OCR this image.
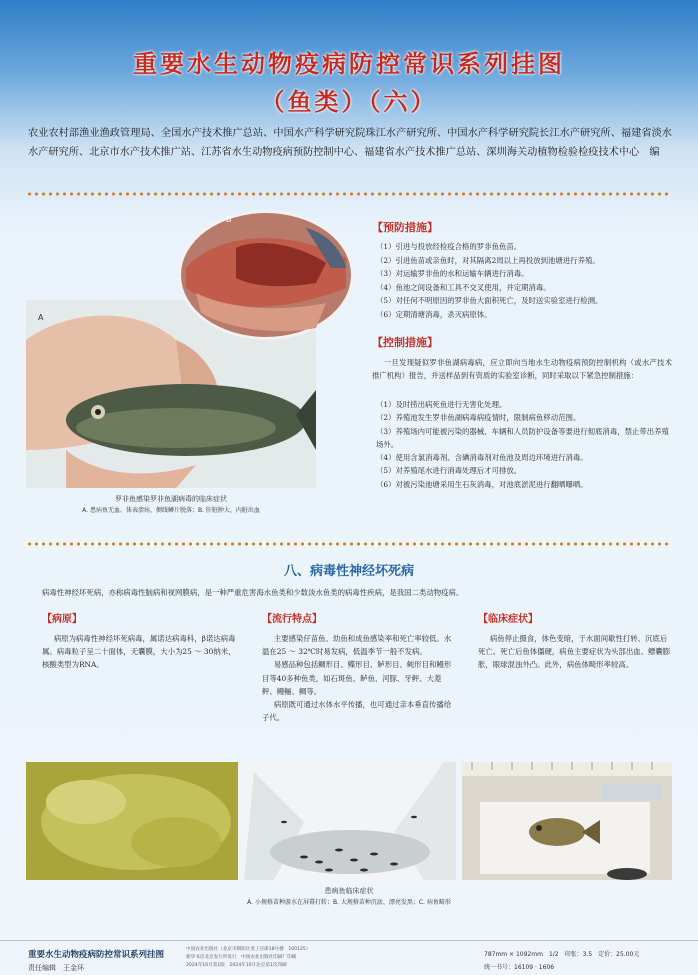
重要水生动物疫病防控常识系列挂图
（鱼类）（六）
农业农村部渔业渔政管理局、全国水产技术推广总站、中国水产科学研究院珠江水产研究所、中国水产科学研究院长江水产研究所、福建省淡水水产研究所、北京市水产技术推广站、江苏省水生动物疫病预防控制中心、福建省水产技术推广总站、深圳海关动植物检验检疫技术中心　编
A
B
罗非鱼感染罗非鱼湖病毒的临床症状
A. 患病鱼无血、体表溃疡，侧线鳞片脱落；B. 肝脏肿大、内脏出血
【预防措施】
（1）引进与投放经检疫合格的罗非鱼鱼苗。
（2）引进鱼苗或亲鱼时，对其隔离2周以上再投放到池塘进行养殖。
（3）对运输罗非鱼的水和运输车辆进行消毒。
（4）鱼池之间设备和工具不交叉使用，并定期消毒。
（5）对任何不明原因的罗非鱼大面积死亡，及时送实验室进行检测。
（6）定期清塘消毒，杀灭病原体。
【控制措施】
一旦发现疑似罗非鱼湖病毒病，应立即向当地水生动物疫病预防控制机构（或水产技术推广机构）报告，并送样品到有资质的实验室诊断，同时采取以下紧急控制措施：
（1）及时捞出病死鱼进行无害化处理。
（2）养殖池发生罗非鱼湖病毒病疫情时，限制病鱼移动范围。
（3）养殖场内可能被污染的器械、车辆和人员防护设备等要进行彻底消毒，禁止带出养殖场外。
（4）使用含氯消毒剂、含碘消毒剂对鱼池及周边环境进行消毒。
（5）对养殖尾水进行消毒处理后才可排放。
（6）对被污染池塘采用生石灰消毒，对池底淤泥进行翻晒曝晒。
八、病毒性神经坏死病
病毒性神经坏死病，亦称病毒性脑病和视网膜病，是一种严重危害海水鱼类和少数淡水鱼类的病毒性疾病，是我国二类动物疫病。
【病原】

病原为病毒性神经坏死病毒，属诺达病毒科，β诺达病毒属。病毒粒子呈二十面体，无囊膜，大小为25 ～ 30纳米，核酸类型为RNA。

【流行特点】

主要感染仔苗鱼、幼鱼和成鱼感染率和死亡率较低。水温在25 ～ 32℃时易发病，低温季节一般不发病。

易感品种包括鲷形目、鲽形目、鲈形目、鲀形目和鳗形目等40多种鱼类，如石斑鱼、鲈鱼、河豚、牙鲆、大菱鲆、鳗鲡、鲷等。

病原既可通过水体水平传播，也可通过亲本垂直传播给子代。

【临床症状】

病鱼停止摄食，体色变暗，于水面间歇性打转、沉底后死亡。死亡后鱼体僵硬，病鱼主要症状为头部出血、鳔囊膨胀，眼球混浊外凸。此外，病鱼体畸形率较高。

患病鱼临床症状
A. 小规格苗种游水在屏幕打转；B. 大规格苗种沉底、漂亮发黑；C. 病鱼畸形
重要水生动物疫病防控常识系列挂图
责任编辑　王金环
中国农业出版社（北京市朝阳区麦子店街18号楼　100125）
新华书店北京发行所发行　中国农业出版社印刷厂印刷
2024年10月第1版　2024年10月北京第1次印刷
787mm × 1092mm　1/2　印张：3.5　定价：25.00元
统一书号：16109 · 1606
